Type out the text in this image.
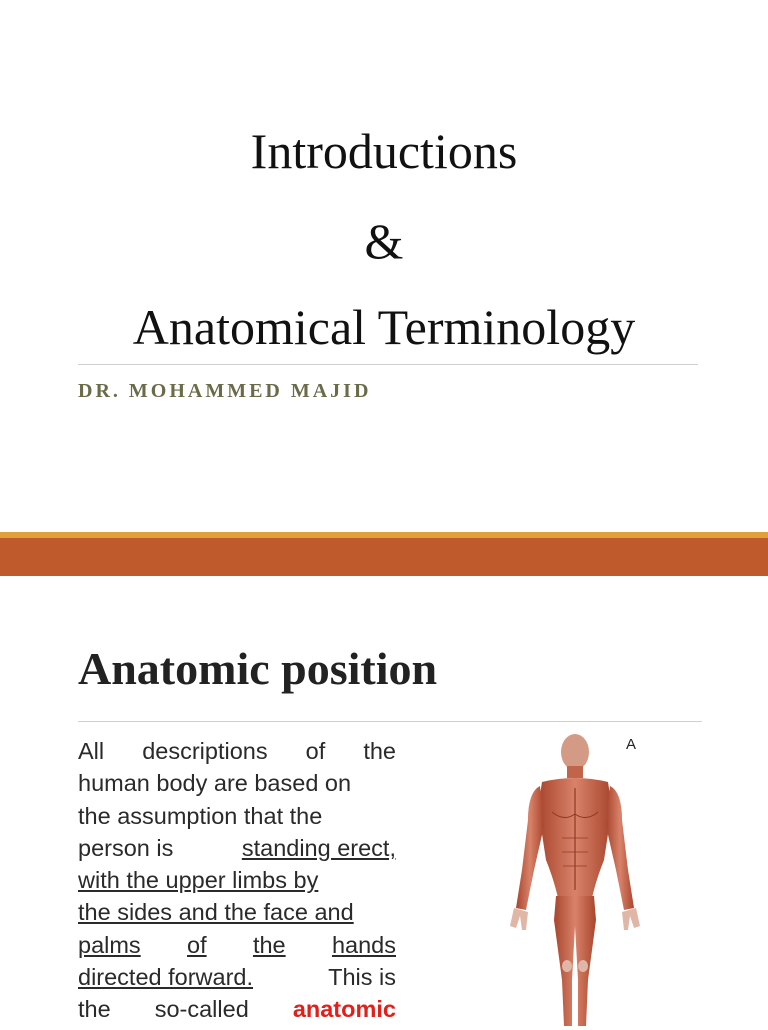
Introductions
&
Anatomical Terminology
DR. MOHAMMED MAJID
Anatomic position
All descriptions of the
human body are based on
the assumption that the
person is	standing erect,
with the upper limbs by
the sides and the face and
palms of the hands
directed forward.	This is
the so-called anatomic
A
